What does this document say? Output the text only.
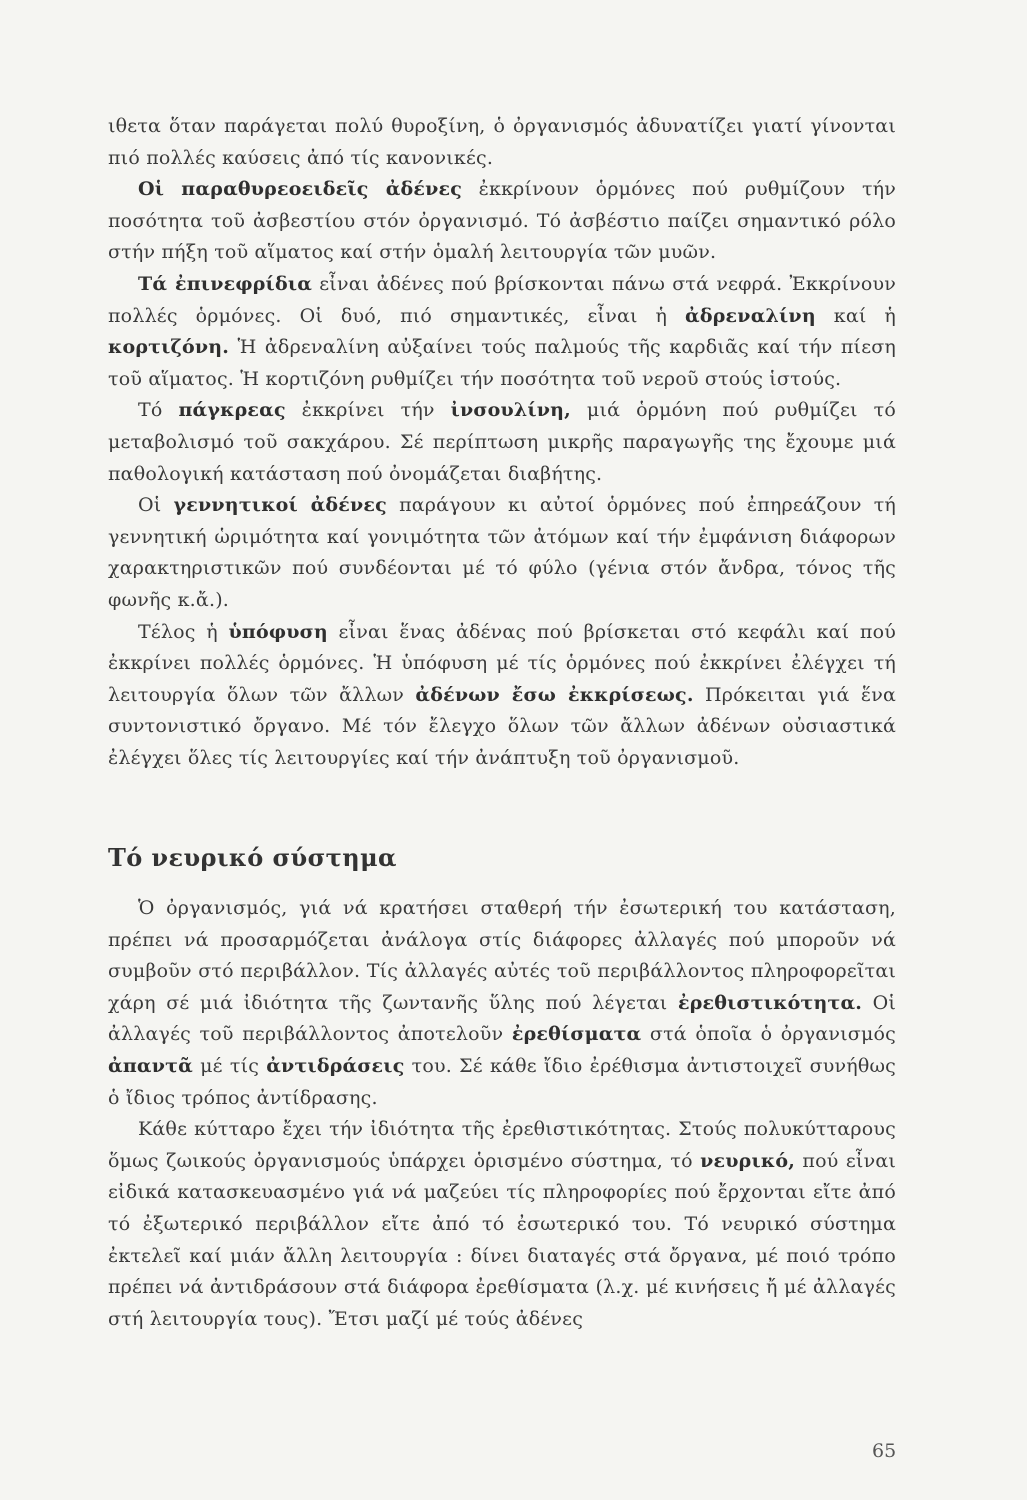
ιθετα ὅταν παράγεται πολύ θυροξίνη, ὁ ὀργανισμός ἀδυνατίζει γιατί γίνονται πιό πολλές καύσεις ἀπό τίς κανονικές.

Οἱ παραθυρεοειδεῖς ἀδένες ἐκκρίνουν ὁρμόνες πού ρυθμίζουν τήν ποσότητα τοῦ ἀσβεστίου στόν ὀργανισμό. Τό ἀσβέστιο παίζει σημαντικό ρόλο στήν πήξη τοῦ αἵματος καί στήν ὁμαλή λειτουργία τῶν μυῶν.

Τά ἐπινεφρίδια εἶναι ἀδένες πού βρίσκονται πάνω στά νεφρά. Ἐκκρίνουν πολλές ὁρμόνες. Οἱ δυό, πιό σημαντικές, εἶναι ἡ ἀδρεναλίνη καί ἡ κορτιζόνη. Ἡ ἀδρεναλίνη αὐξαίνει τούς παλμούς τῆς καρδιᾶς καί τήν πίεση τοῦ αἵματος. Ἡ κορτιζόνη ρυθμίζει τήν ποσότητα τοῦ νεροῦ στούς ἱστούς.

Τό πάγκρεας ἐκκρίνει τήν ἰνσουλίνη, μιά ὁρμόνη πού ρυθμίζει τό μεταβολισμό τοῦ σακχάρου. Σέ περίπτωση μικρῆς παραγωγῆς της ἔχουμε μιά παθολογική κατάσταση πού ὀνομάζεται διαβήτης.

Οἱ γεννητικοί ἀδένες παράγουν κι αὐτοί ὁρμόνες πού ἐπηρεάζουν τή γεννητική ὡριμότητα καί γονιμότητα τῶν ἀτόμων καί τήν ἐμφάνιση διάφορων χαρακτηριστικῶν πού συνδέονται μέ τό φύλο (γένια στόν ἄνδρα, τόνος τῆς φωνῆς κ.ἄ.).

Τέλος ἡ ὑπόφυση εἶναι ἕνας ἀδένας πού βρίσκεται στό κεφάλι καί πού ἐκκρίνει πολλές ὁρμόνες. Ἡ ὑπόφυση μέ τίς ὁρμόνες πού ἐκκρίνει ἐλέγχει τή λειτουργία ὅλων τῶν ἄλλων ἀδένων ἔσω ἐκκρίσεως. Πρόκειται γιά ἕνα συντονιστικό ὄργανο. Μέ τόν ἔλεγχο ὅλων τῶν ἄλλων ἀδένων οὐσιαστικά ἐλέγχει ὅλες τίς λειτουργίες καί τήν ἀνάπτυξη τοῦ ὀργανισμοῦ.

Τό νευρικό σύστημα

Ὁ ὀργανισμός, γιά νά κρατήσει σταθερή τήν ἐσωτερική του κατάσταση, πρέπει νά προσαρμόζεται ἀνάλογα στίς διάφορες ἀλλαγές πού μποροῦν νά συμβοῦν στό περιβάλλον. Τίς ἀλλαγές αὐτές τοῦ περιβάλλοντος πληροφορεῖται χάρη σέ μιά ἰδιότητα τῆς ζωντανῆς ὕλης πού λέγεται ἐρεθιστικότητα. Οἱ ἀλλαγές τοῦ περιβάλλοντος ἀποτελοῦν ἐρεθίσματα στά ὁποῖα ὁ ὀργανισμός ἀπαντᾶ μέ τίς ἀντιδράσεις του. Σέ κάθε ἴδιο ἐρέθισμα ἀντιστοιχεῖ συνήθως ὁ ἴδιος τρόπος ἀντίδρασης.

Κάθε κύτταρο ἔχει τήν ἰδιότητα τῆς ἐρεθιστικότητας. Στούς πολυκύτταρους ὅμως ζωικούς ὀργανισμούς ὑπάρχει ὁρισμένο σύστημα, τό νευρικό, πού εἶναι εἰδικά κατασκευασμένο γιά νά μαζεύει τίς πληροφορίες πού ἔρχονται εἴτε ἀπό τό ἐξωτερικό περιβάλλον εἴτε ἀπό τό ἐσωτερικό του. Τό νευρικό σύστημα ἐκτελεῖ καί μιάν ἄλλη λειτουργία : δίνει διαταγές στά ὄργανα, μέ ποιό τρόπο πρέπει νά ἀντιδράσουν στά διάφορα ἐρεθίσματα (λ.χ. μέ κινήσεις ἤ μέ ἀλλαγές στή λειτουργία τους). Ἔτσι μαζί μέ τούς ἀδένες

65
